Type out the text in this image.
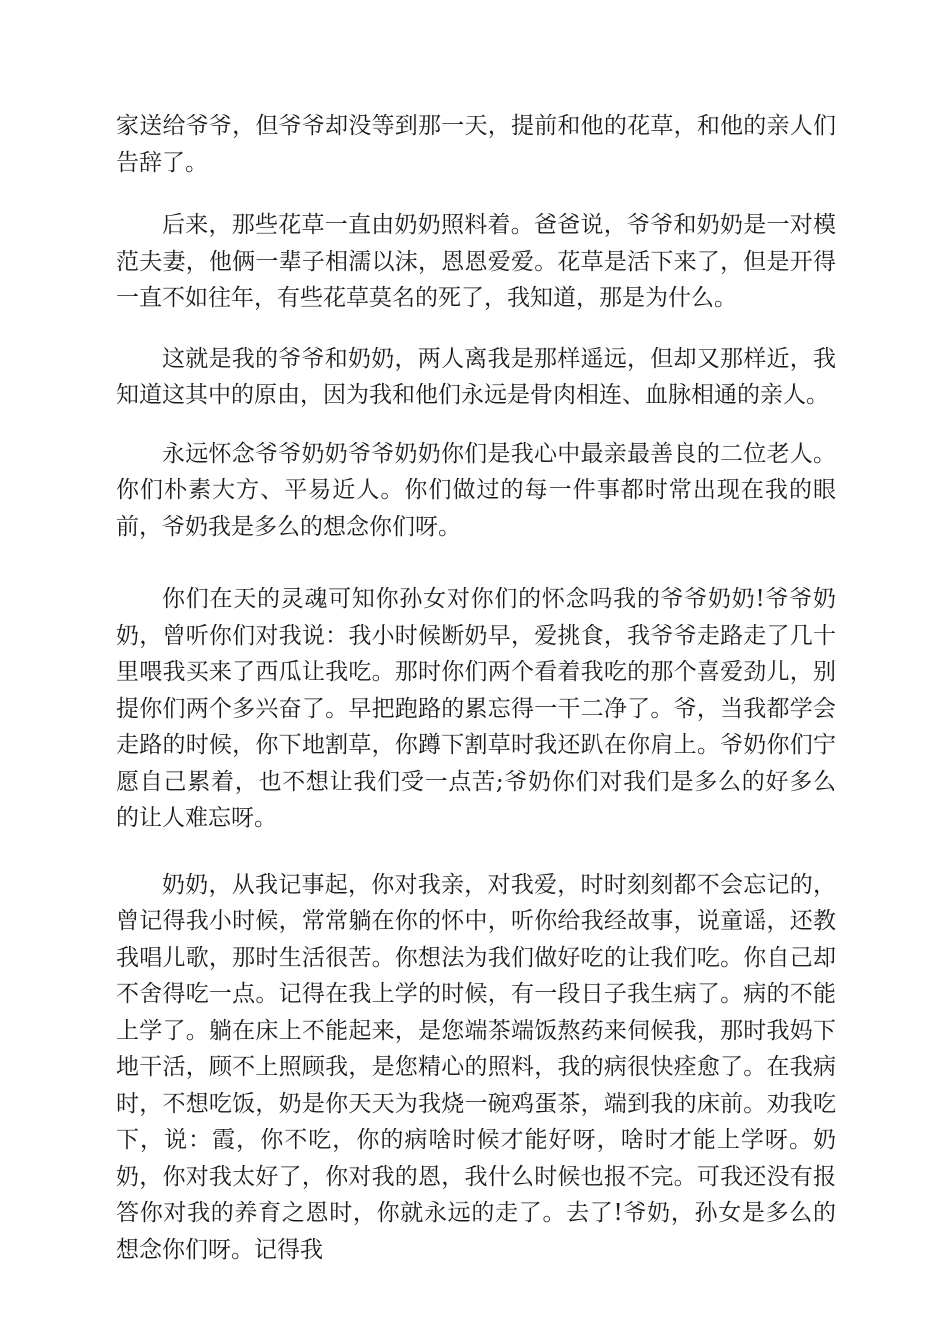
家送给爷爷，但爷爷却没等到那一天，提前和他的花草，和他的亲人们告辞了。

后来，那些花草一直由奶奶照料着。爸爸说，爷爷和奶奶是一对模范夫妻，他俩一辈子相濡以沫，恩恩爱爱。花草是活下来了，但是开得一直不如往年，有些花草莫名的死了，我知道，那是为什么。

这就是我的爷爷和奶奶，两人离我是那样遥远，但却又那样近，我知道这其中的原由，因为我和他们永远是骨肉相连、血脉相通的亲人。

永远怀念爷爷奶奶爷爷奶奶你们是我心中最亲最善良的二位老人。你们朴素大方、平易近人。你们做过的每一件事都时常出现在我的眼前，爷奶我是多么的想念你们呀。

你们在天的灵魂可知你孙女对你们的怀念吗我的爷爷奶奶!爷爷奶奶，曾听你们对我说：我小时候断奶早，爱挑食，我爷爷走路走了几十里喂我买来了西瓜让我吃。那时你们两个看着我吃的那个喜爱劲儿，别提你们两个多兴奋了。早把跑路的累忘得一干二净了。爷，当我都学会走路的时候，你下地割草，你蹲下割草时我还趴在你肩上。爷奶你们宁愿自己累着，也不想让我们受一点苦;爷奶你们对我们是多么的好多么的让人难忘呀。

奶奶，从我记事起，你对我亲，对我爱，时时刻刻都不会忘记的，曾记得我小时候，常常躺在你的怀中，听你给我经故事，说童谣，还教我唱儿歌，那时生活很苦。你想法为我们做好吃的让我们吃。你自己却不舍得吃一点。记得在我上学的时候，有一段日子我生病了。病的不能上学了。躺在床上不能起来，是您端茶端饭熬药来伺候我，那时我妈下地干活，顾不上照顾我，是您精心的照料，我的病很快痊愈了。在我病时，不想吃饭，奶是你天天为我烧一碗鸡蛋茶，端到我的床前。劝我吃下，说：霞，你不吃，你的病啥时候才能好呀，啥时才能上学呀。奶奶，你对我太好了，你对我的恩，我什么时候也报不完。可我还没有报答你对我的养育之恩时，你就永远的走了。去了!爷奶，孙女是多么的想念你们呀。记得我
